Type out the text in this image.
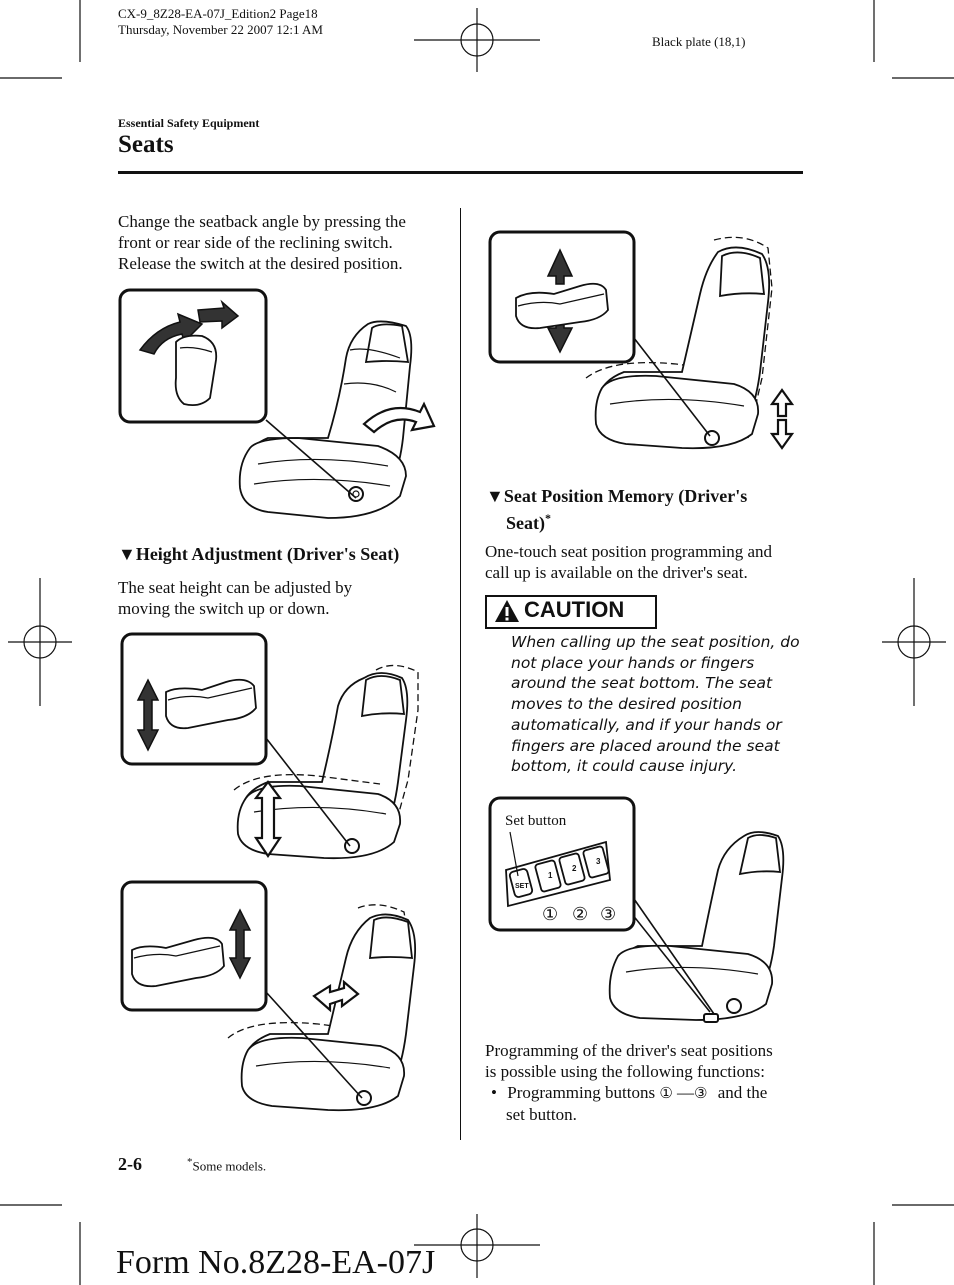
CX-9_8Z28-EA-07J_Edition2 Page18
Thursday, November 22 2007 12:1 AM
Black plate (18,1)
Essential Safety Equipment
Seats
Change the seatback angle by pressing the
front or rear side of the reclining switch.
Release the switch at the desired position.
▼Height Adjustment (Driver's Seat)
The seat height can be adjusted by
moving the switch up or down.
▼Seat Position Memory (Driver's
Seat)*
One-touch seat position programming and
call up is available on the driver's seat.
CAUTION
When calling up the seat position, do
not place your hands or fingers
around the seat bottom. The seat
moves to the desired position
automatically, and if your hands or
fingers are placed around the seat
bottom, it could cause injury.
Set button
SET
1
2
3
① ② ③
Programming of the driver's seat positions
is possible using the following functions:
• Programming buttons ① —③ and the
set button.
2-6	*Some models.
Form No.8Z28-EA-07J
